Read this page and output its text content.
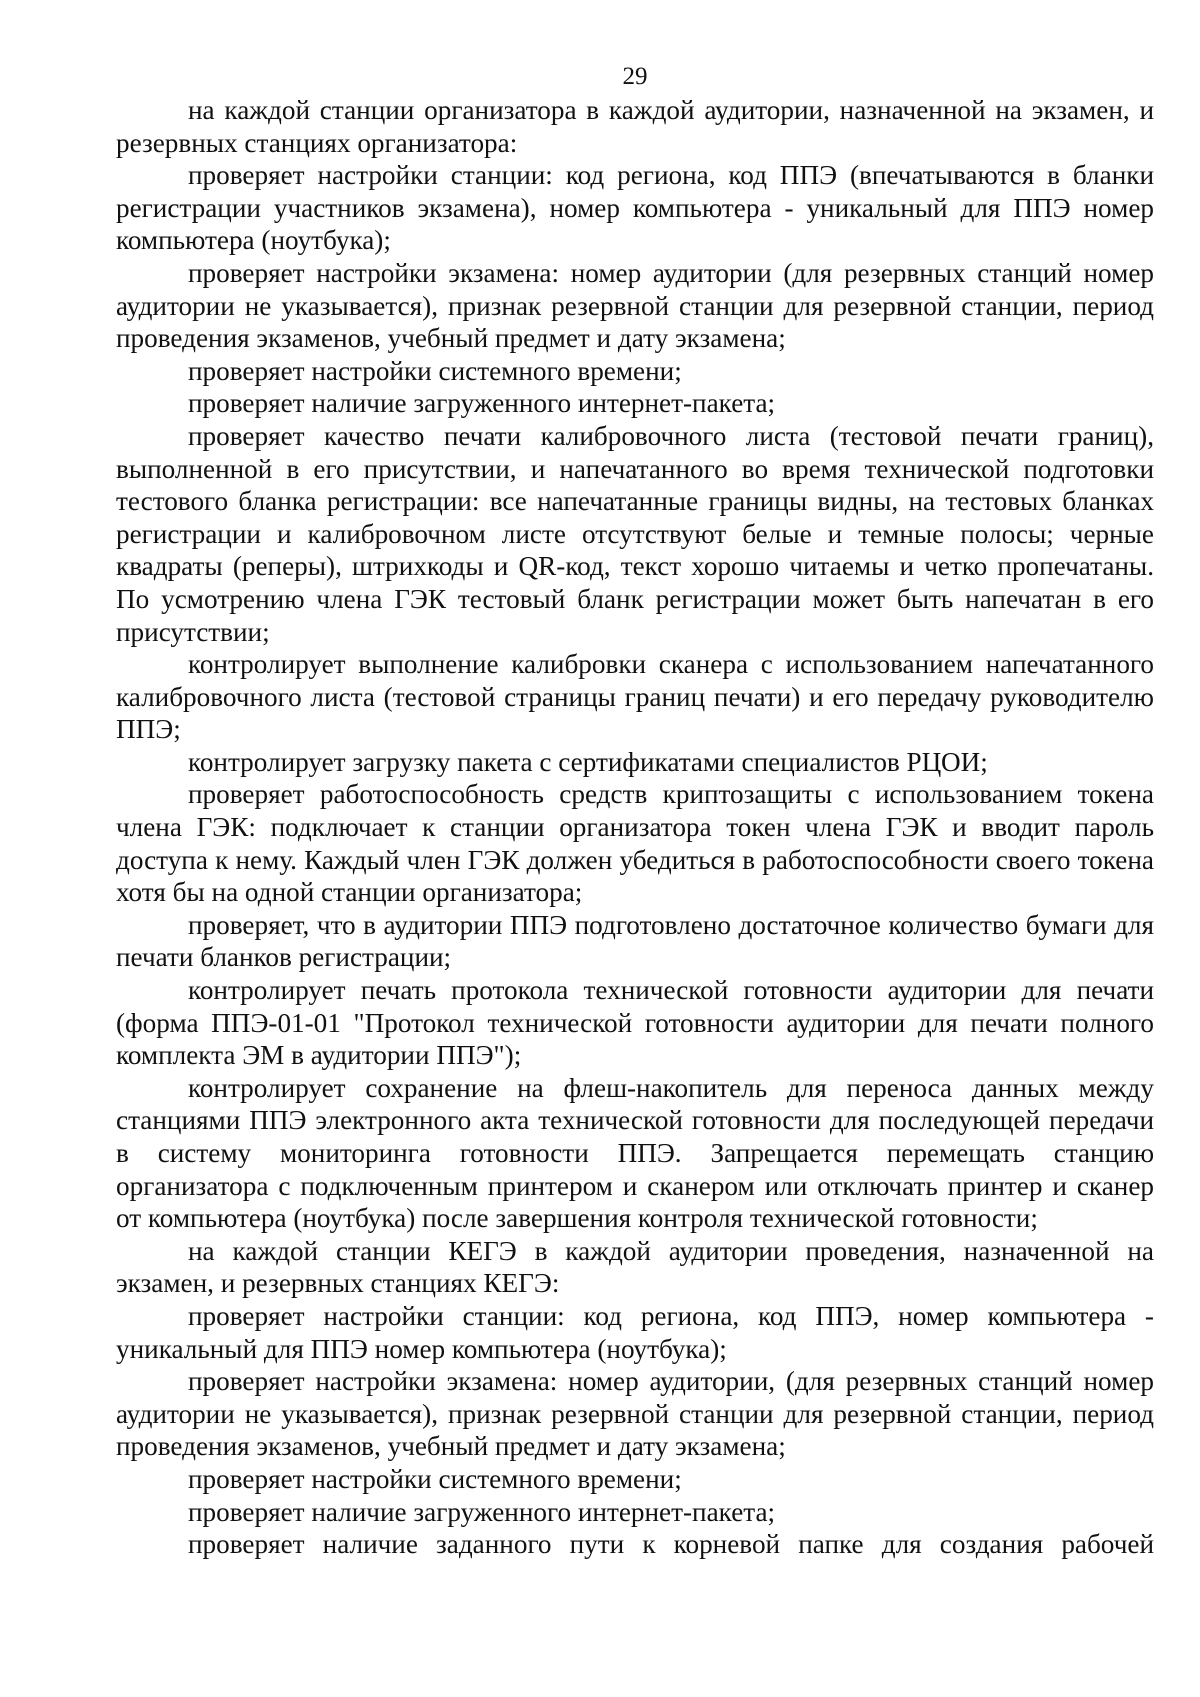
29

на каждой станции организатора в каждой аудитории, назначенной на экзамен, и резервных станциях организатора:

проверяет настройки станции: код региона, код ППЭ (впечатываются в бланки регистрации участников экзамена), номер компьютера - уникальный для ППЭ номер компьютера (ноутбука);

проверяет настройки экзамена: номер аудитории (для резервных станций номер аудитории не указывается), признак резервной станции для резервной станции, период проведения экзаменов, учебный предмет и дату экзамена;

проверяет настройки системного времени;

проверяет наличие загруженного интернет-пакета;

проверяет качество печати калибровочного листа (тестовой печати границ), выполненной в его присутствии, и напечатанного во время технической подготовки тестового бланка регистрации: все напечатанные границы видны, на тестовых бланках регистрации и калибровочном листе отсутствуют белые и темные полосы; черные квадраты (реперы), штрихкоды и QR-код, текст хорошо читаемы и четко пропечатаны. По усмотрению члена ГЭК тестовый бланк регистрации может быть напечатан в его присутствии;

контролирует выполнение калибровки сканера с использованием напечатанного калибровочного листа (тестовой страницы границ печати) и его передачу руководителю ППЭ;

контролирует загрузку пакета с сертификатами специалистов РЦОИ;

проверяет работоспособность средств криптозащиты с использованием токена члена ГЭК: подключает к станции организатора токен члена ГЭК и вводит пароль доступа к нему. Каждый член ГЭК должен убедиться в работоспособности своего токена хотя бы на одной станции организатора;

проверяет, что в аудитории ППЭ подготовлено достаточное количество бумаги для печати бланков регистрации;

контролирует печать протокола технической готовности аудитории для печати (форма ППЭ-01-01 "Протокол технической готовности аудитории для печати полного комплекта ЭМ в аудитории ППЭ");

контролирует сохранение на флеш-накопитель для переноса данных между станциями ППЭ электронного акта технической готовности для последующей передачи в систему мониторинга готовности ППЭ. Запрещается перемещать станцию организатора с подключенным принтером и сканером или отключать принтер и сканер от компьютера (ноутбука) после завершения контроля технической готовности;

на каждой станции КЕГЭ в каждой аудитории проведения, назначенной на экзамен, и резервных станциях КЕГЭ:

проверяет настройки станции: код региона, код ППЭ, номер компьютера - уникальный для ППЭ номер компьютера (ноутбука);

проверяет настройки экзамена: номер аудитории, (для резервных станций номер аудитории не указывается), признак резервной станции для резервной станции, период проведения экзаменов, учебный предмет и дату экзамена;

проверяет настройки системного времени;

проверяет наличие загруженного интернет-пакета;

проверяет наличие заданного пути к корневой папке для создания рабочей
